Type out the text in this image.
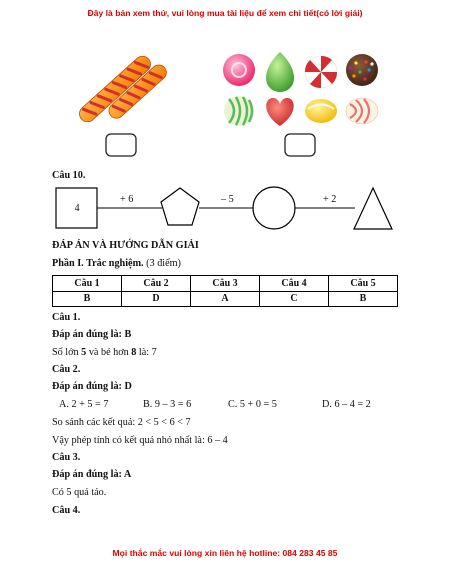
Đây là bản xem thử, vui lòng mua tài liệu để xem chi tiết(có lời giải)
Câu 10.
4
+ 6	– 5	+ 2
ĐÁP ÁN VÀ HƯỚNG DẪN GIẢI
Phần I. Trắc nghiệm. (3 điểm)
Câu 1	Câu 2	Câu 3	Câu 4	Câu 5
B	D	A	C	B
Câu 1.
Đáp án đúng là: B
Số lớn 5 và bé hơn 8 là: 7
Câu 2.
Đáp án đúng là: D
A. 2 + 5 = 7	B. 9 – 3 = 6	C. 5 + 0 = 5	D. 6 – 4 = 2
So sánh các kết quả: 2 < 5 < 6 < 7
Vậy phép tính có kết quả nhỏ nhất là: 6 – 4
Câu 3.
Đáp án đúng là: A
Có 5 quả táo.
Câu 4.
Mọi thắc mắc vui lòng xin liên hệ hotline: 084 283 45 85
